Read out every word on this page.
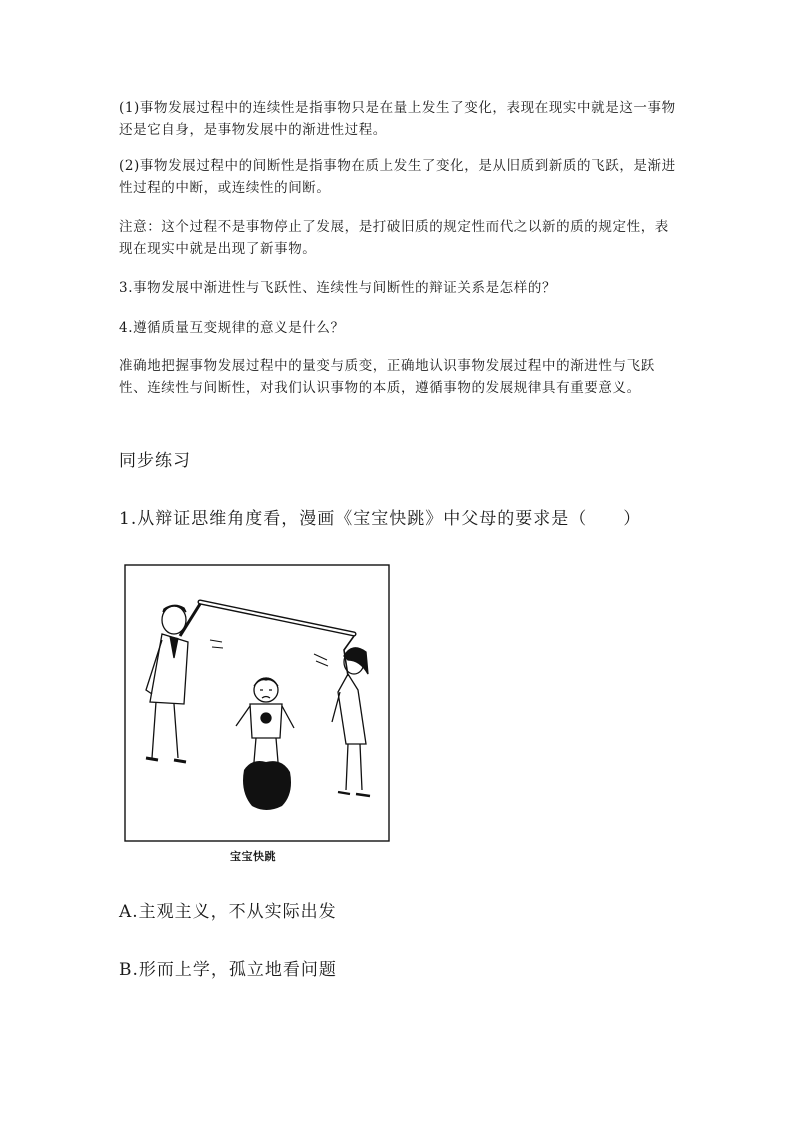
(1)事物发展过程中的连续性是指事物只是在量上发生了变化，表现在现实中就是这一事物还是它自身，是事物发展中的渐进性过程。
(2)事物发展过程中的间断性是指事物在质上发生了变化，是从旧质到新质的飞跃，是渐进性过程的中断，或连续性的间断。
注意：这个过程不是事物停止了发展，是打破旧质的规定性而代之以新的质的规定性，表现在现实中就是出现了新事物。
3.事物发展中渐进性与飞跃性、连续性与间断性的辩证关系是怎样的？
4.遵循质量互变规律的意义是什么？
准确地把握事物发展过程中的量变与质变，正确地认识事物发展过程中的渐进性与飞跃性、连续性与间断性，对我们认识事物的本质，遵循事物的发展规律具有重要意义。
同步练习
1.从辩证思维角度看，漫画《宝宝快跳》中父母的要求是（　　）
宝宝快跳
A.主观主义，不从实际出发
B.形而上学，孤立地看问题
